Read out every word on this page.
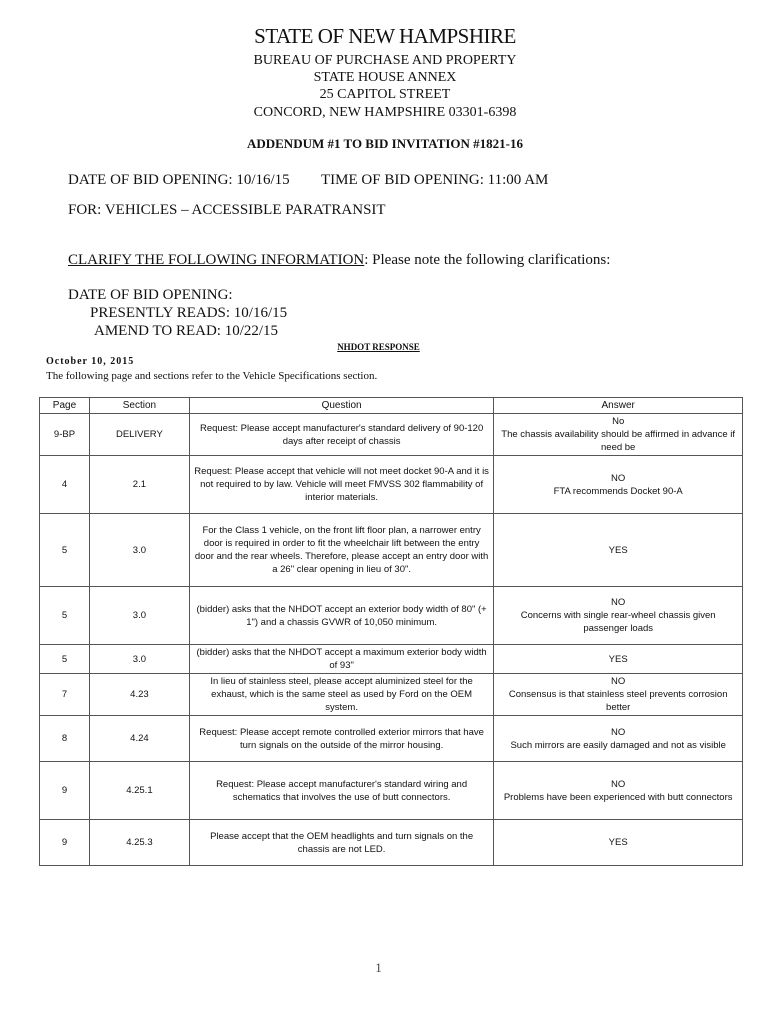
STATE OF NEW HAMPSHIRE
BUREAU OF PURCHASE AND PROPERTY
STATE HOUSE ANNEX
25 CAPITOL STREET
CONCORD, NEW HAMPSHIRE 03301-6398
ADDENDUM #1 TO BID INVITATION #1821-16
DATE OF BID OPENING: 10/16/15 TIME OF BID OPENING: 11:00 AM
FOR: VEHICLES – ACCESSIBLE PARATRANSIT
CLARIFY THE FOLLOWING INFORMATION: Please note the following clarifications:
DATE OF BID OPENING:
PRESENTLY READS: 10/16/15
AMEND TO READ: 10/22/15
NHDOT RESPONSE
October 10, 2015
The following page and sections refer to the Vehicle Specifications section.
Page	Section	Question	Answer
9-BP	DELIVERY	Request: Please accept manufacturer's standard delivery of 90-120 days after receipt of chassis	No
The chassis availability should be affirmed in advance if need be
4	2.1	Request: Please accept that vehicle will not meet docket 90-A and it is not required to by law. Vehicle will meet FMVSS 302 flammability of interior materials.	NO
FTA recommends Docket 90-A
5	3.0	For the Class 1 vehicle, on the front lift floor plan, a narrower entry door is required in order to fit the wheelchair lift between the entry door and the rear wheels. Therefore, please accept an entry door with a 26" clear opening in lieu of 30".	YES
5	3.0	(bidder) asks that the NHDOT accept an exterior body width of 80" (+ 1") and a chassis GVWR of 10,050 minimum.	NO
Concerns with single rear-wheel chassis given passenger loads
5	3.0	(bidder) asks that the NHDOT accept a maximum exterior body width of 93"	YES
7	4.23	In lieu of stainless steel, please accept aluminized steel for the exhaust, which is the same steel as used by Ford on the OEM system.	NO
Consensus is that stainless steel prevents corrosion better
8	4.24	Request: Please accept remote controlled exterior mirrors that have turn signals on the outside of the mirror housing.	NO
Such mirrors are easily damaged and not as visible
9	4.25.1	Request: Please accept manufacturer's standard wiring and schematics that involves the use of butt connectors.	NO
Problems have been experienced with butt connectors
9	4.25.3	Please accept that the OEM headlights and turn signals on the chassis are not LED.	YES
1
